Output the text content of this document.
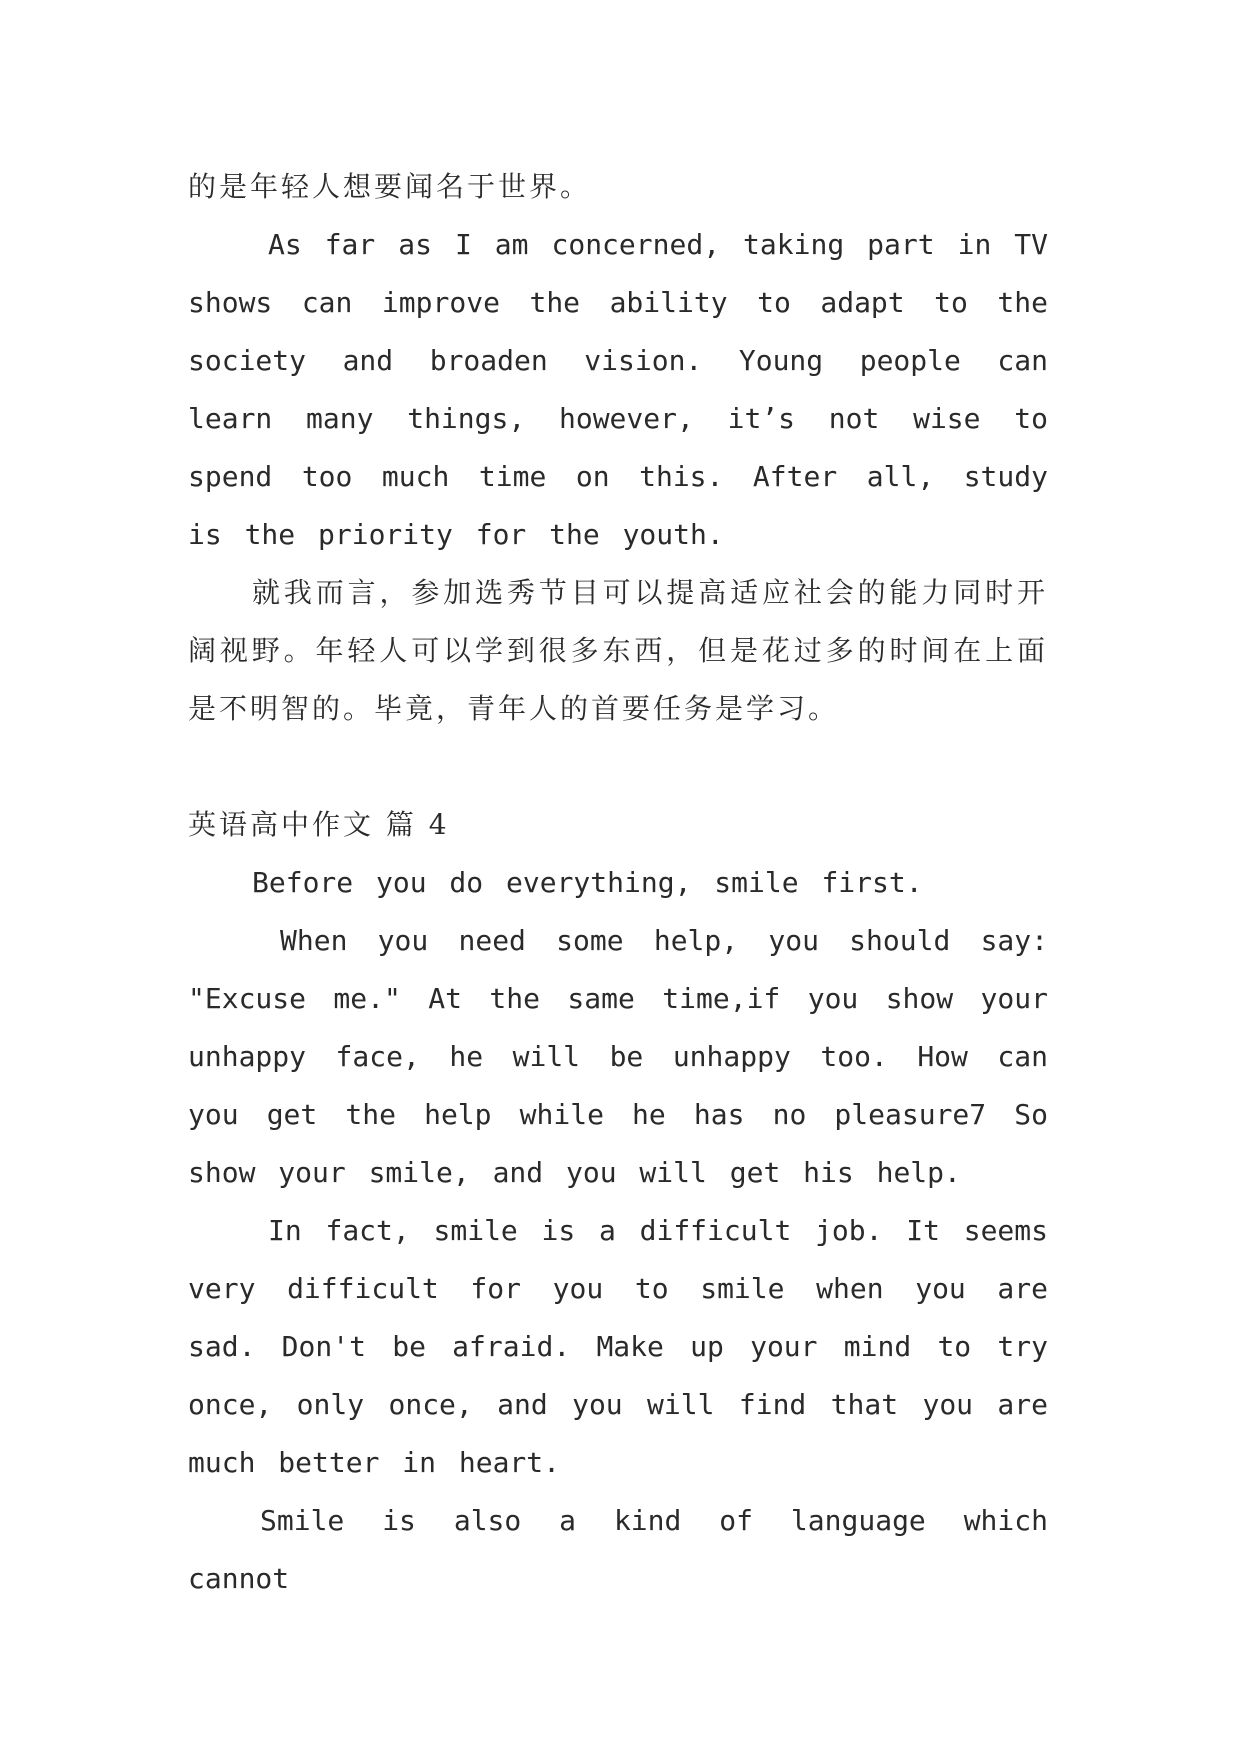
的是年轻人想要闻名于世界。

As far as I am concerned, taking part in TV shows can improve the ability to adapt to the society and broaden vision. Young people can learn many things, however, it’s not wise to spend too much time on this. After all, study is the priority for the youth.

就我而言，参加选秀节目可以提高适应社会的能力同时开阔视野。年轻人可以学到很多东西，但是花过多的时间在上面是不明智的。毕竟，青年人的首要任务是学习。

英语高中作文 篇 4

Before you do everything, smile first.

When you need some help, you should say: "Excuse me." At the same time,if you show your unhappy face, he will be unhappy too. How can you get the help while he has no pleasure7 So show your smile, and you will get his help.

In fact, smile is a difficult job. It seems very difficult for you to smile when you are sad. Don't be afraid. Make up your mind to try once, only once, and you will find that you are much better in heart.

Smile is also a kind of language which cannot
